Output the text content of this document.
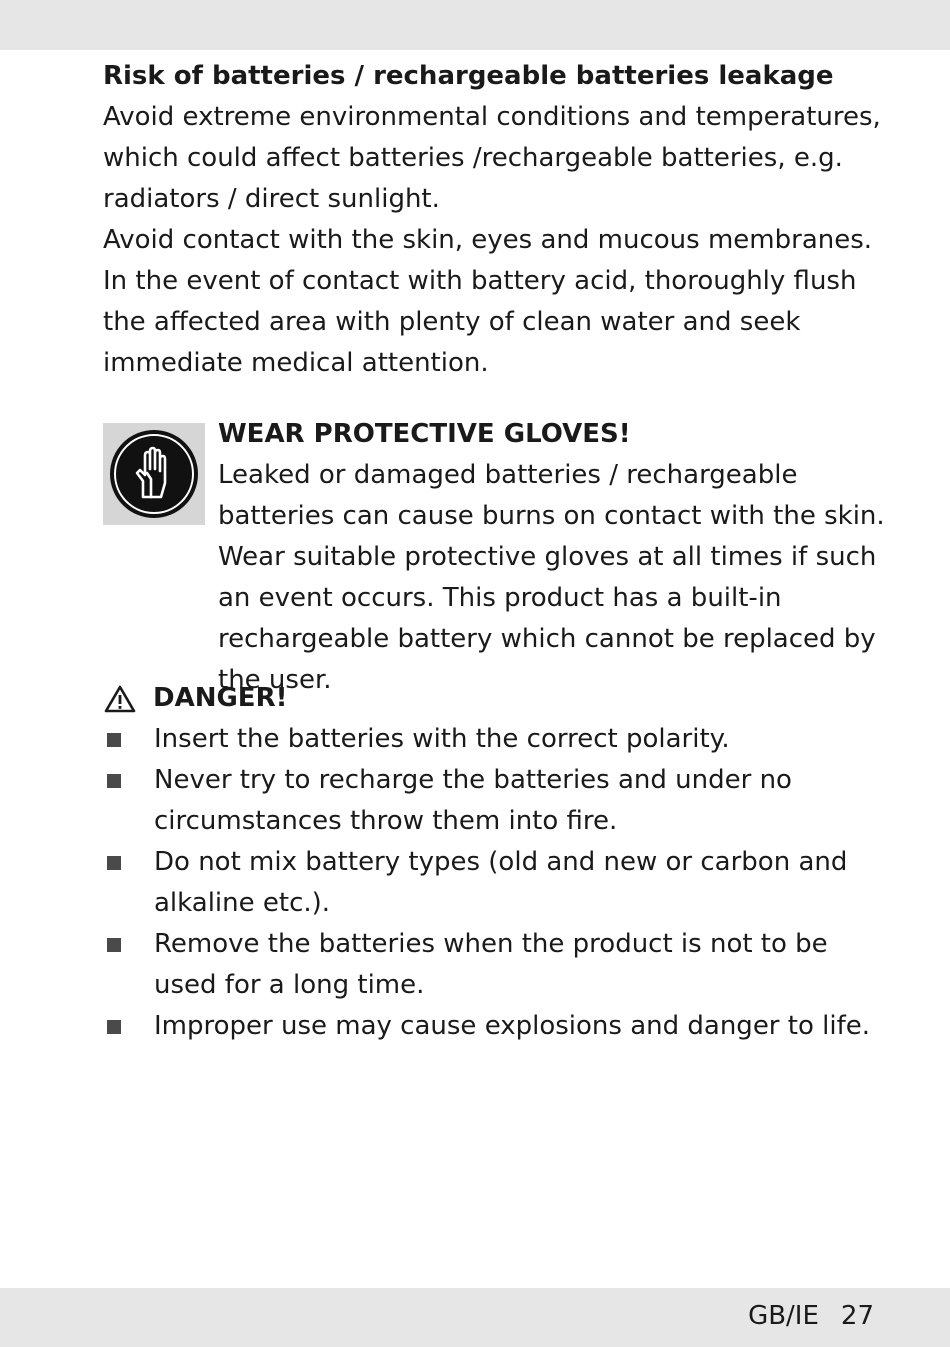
Risk of batteries / rechargeable batteries leakage

Avoid extreme environmental conditions and temperatures, which could affect batteries /rechargeable batteries, e.g. radiators / direct sunlight.

Avoid contact with the skin, eyes and mucous membranes. In the event of contact with battery acid, thoroughly flush the affected area with plenty of clean water and seek immediate medical attention.

WEAR PROTECTIVE GLOVES!

Leaked or damaged batteries / rechargeable batteries can cause burns on contact with the skin. Wear suitable protective gloves at all times if such an event occurs. This product has a built-in rechargeable battery which cannot be replaced by the user.

DANGER!
Insert the batteries with the correct polarity.
Never try to recharge the batteries and under no circumstances throw them into fire.
Do not mix battery types (old and new or carbon and alkaline etc.).
Remove the batteries when the product is not to be used for a long time.
Improper use may cause explosions and danger to life.
GB/IE 27
